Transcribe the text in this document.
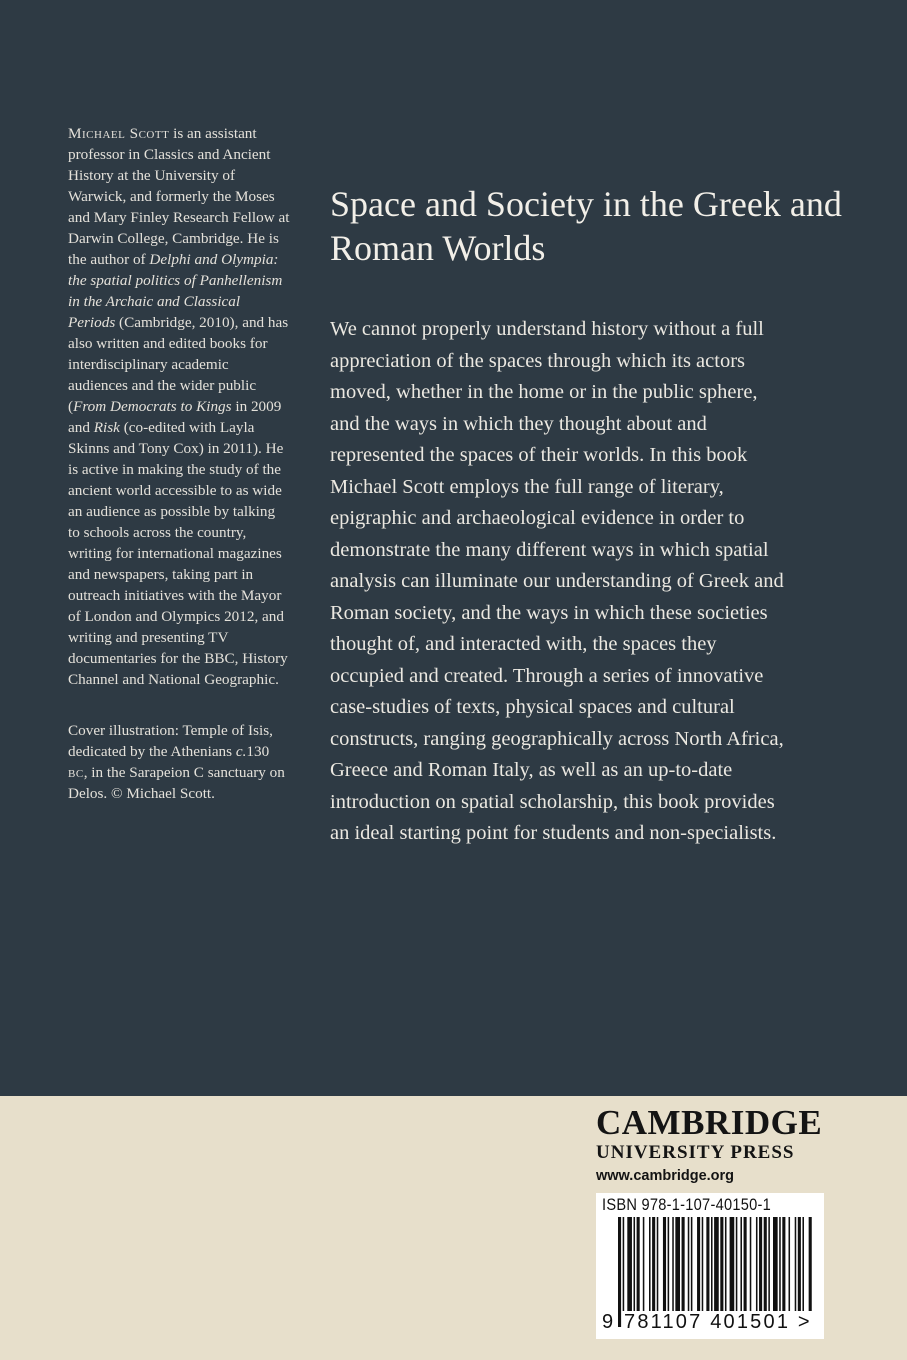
Michael Scott is an assistant professor in Classics and Ancient History at the University of Warwick, and formerly the Moses and Mary Finley Research Fellow at Darwin College, Cambridge. He is the author of Delphi and Olympia: the spatial politics of Panhellenism in the Archaic and Classical Periods (Cambridge, 2010), and has also written and edited books for interdisciplinary academic audiences and the wider public (From Democrats to Kings in 2009 and Risk (co-edited with Layla Skinns and Tony Cox) in 2011). He is active in making the study of the ancient world accessible to as wide an audience as possible by talking to schools across the country, writing for international magazines and newspapers, taking part in outreach initiatives with the Mayor of London and Olympics 2012, and writing and presenting TV documentaries for the BBC, History Channel and National Geographic.

Cover illustration: Temple of Isis, dedicated by the Athenians c.130 bc, in the Sarapeion C sanctuary on Delos. © Michael Scott.

Space and Society in the Greek and Roman Worlds

We cannot properly understand history without a full appreciation of the spaces through which its actors moved, whether in the home or in the public sphere, and the ways in which they thought about and represented the spaces of their worlds. In this book Michael Scott employs the full range of literary, epigraphic and archaeological evidence in order to demonstrate the many different ways in which spatial analysis can illuminate our understanding of Greek and Roman society, and the ways in which these societies thought of, and interacted with, the spaces they occupied and created. Through a series of innovative case-studies of texts, physical spaces and cultural constructs, ranging geographically across North Africa, Greece and Roman Italy, as well as an up-to-date introduction on spatial scholarship, this book provides an ideal starting point for students and non-specialists.

CAMBRIDGE

UNIVERSITY PRESS

www.cambridge.org

ISBN 978-1-107-40150-1
9 781107 401501 >
